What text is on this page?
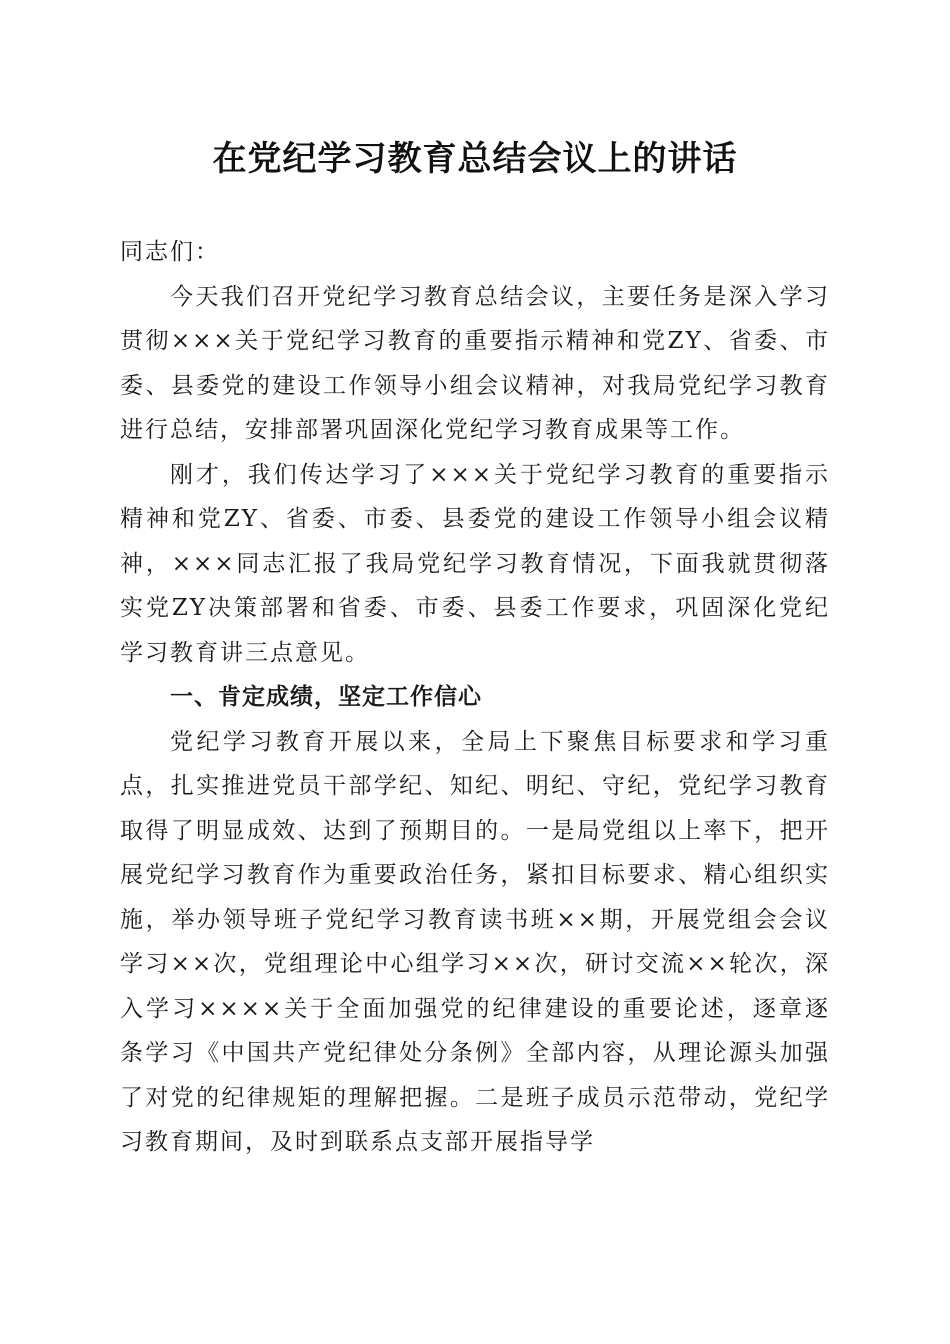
在党纪学习教育总结会议上的讲话

同志们：

今天我们召开党纪学习教育总结会议，主要任务是深入学习贯彻×××关于党纪学习教育的重要指示精神和党ZY、省委、市委、县委党的建设工作领导小组会议精神，对我局党纪学习教育进行总结，安排部署巩固深化党纪学习教育成果等工作。

刚才，我们传达学习了×××关于党纪学习教育的重要指示精神和党ZY、省委、市委、县委党的建设工作领导小组会议精神，×××同志汇报了我局党纪学习教育情况，下面我就贯彻落实党ZY决策部署和省委、市委、县委工作要求，巩固深化党纪学习教育讲三点意见。

一、肯定成绩，坚定工作信心

党纪学习教育开展以来，全局上下聚焦目标要求和学习重点，扎实推进党员干部学纪、知纪、明纪、守纪，党纪学习教育取得了明显成效、达到了预期目的。一是局党组以上率下，把开展党纪学习教育作为重要政治任务，紧扣目标要求、精心组织实施，举办领导班子党纪学习教育读书班××期，开展党组会会议学习××次，党组理论中心组学习××次，研讨交流××轮次，深入学习××××关于全面加强党的纪律建设的重要论述，逐章逐条学习《中国共产党纪律处分条例》全部内容，从理论源头加强了对党的纪律规矩的理解把握。二是班子成员示范带动，党纪学习教育期间，及时到联系点支部开展指导学
